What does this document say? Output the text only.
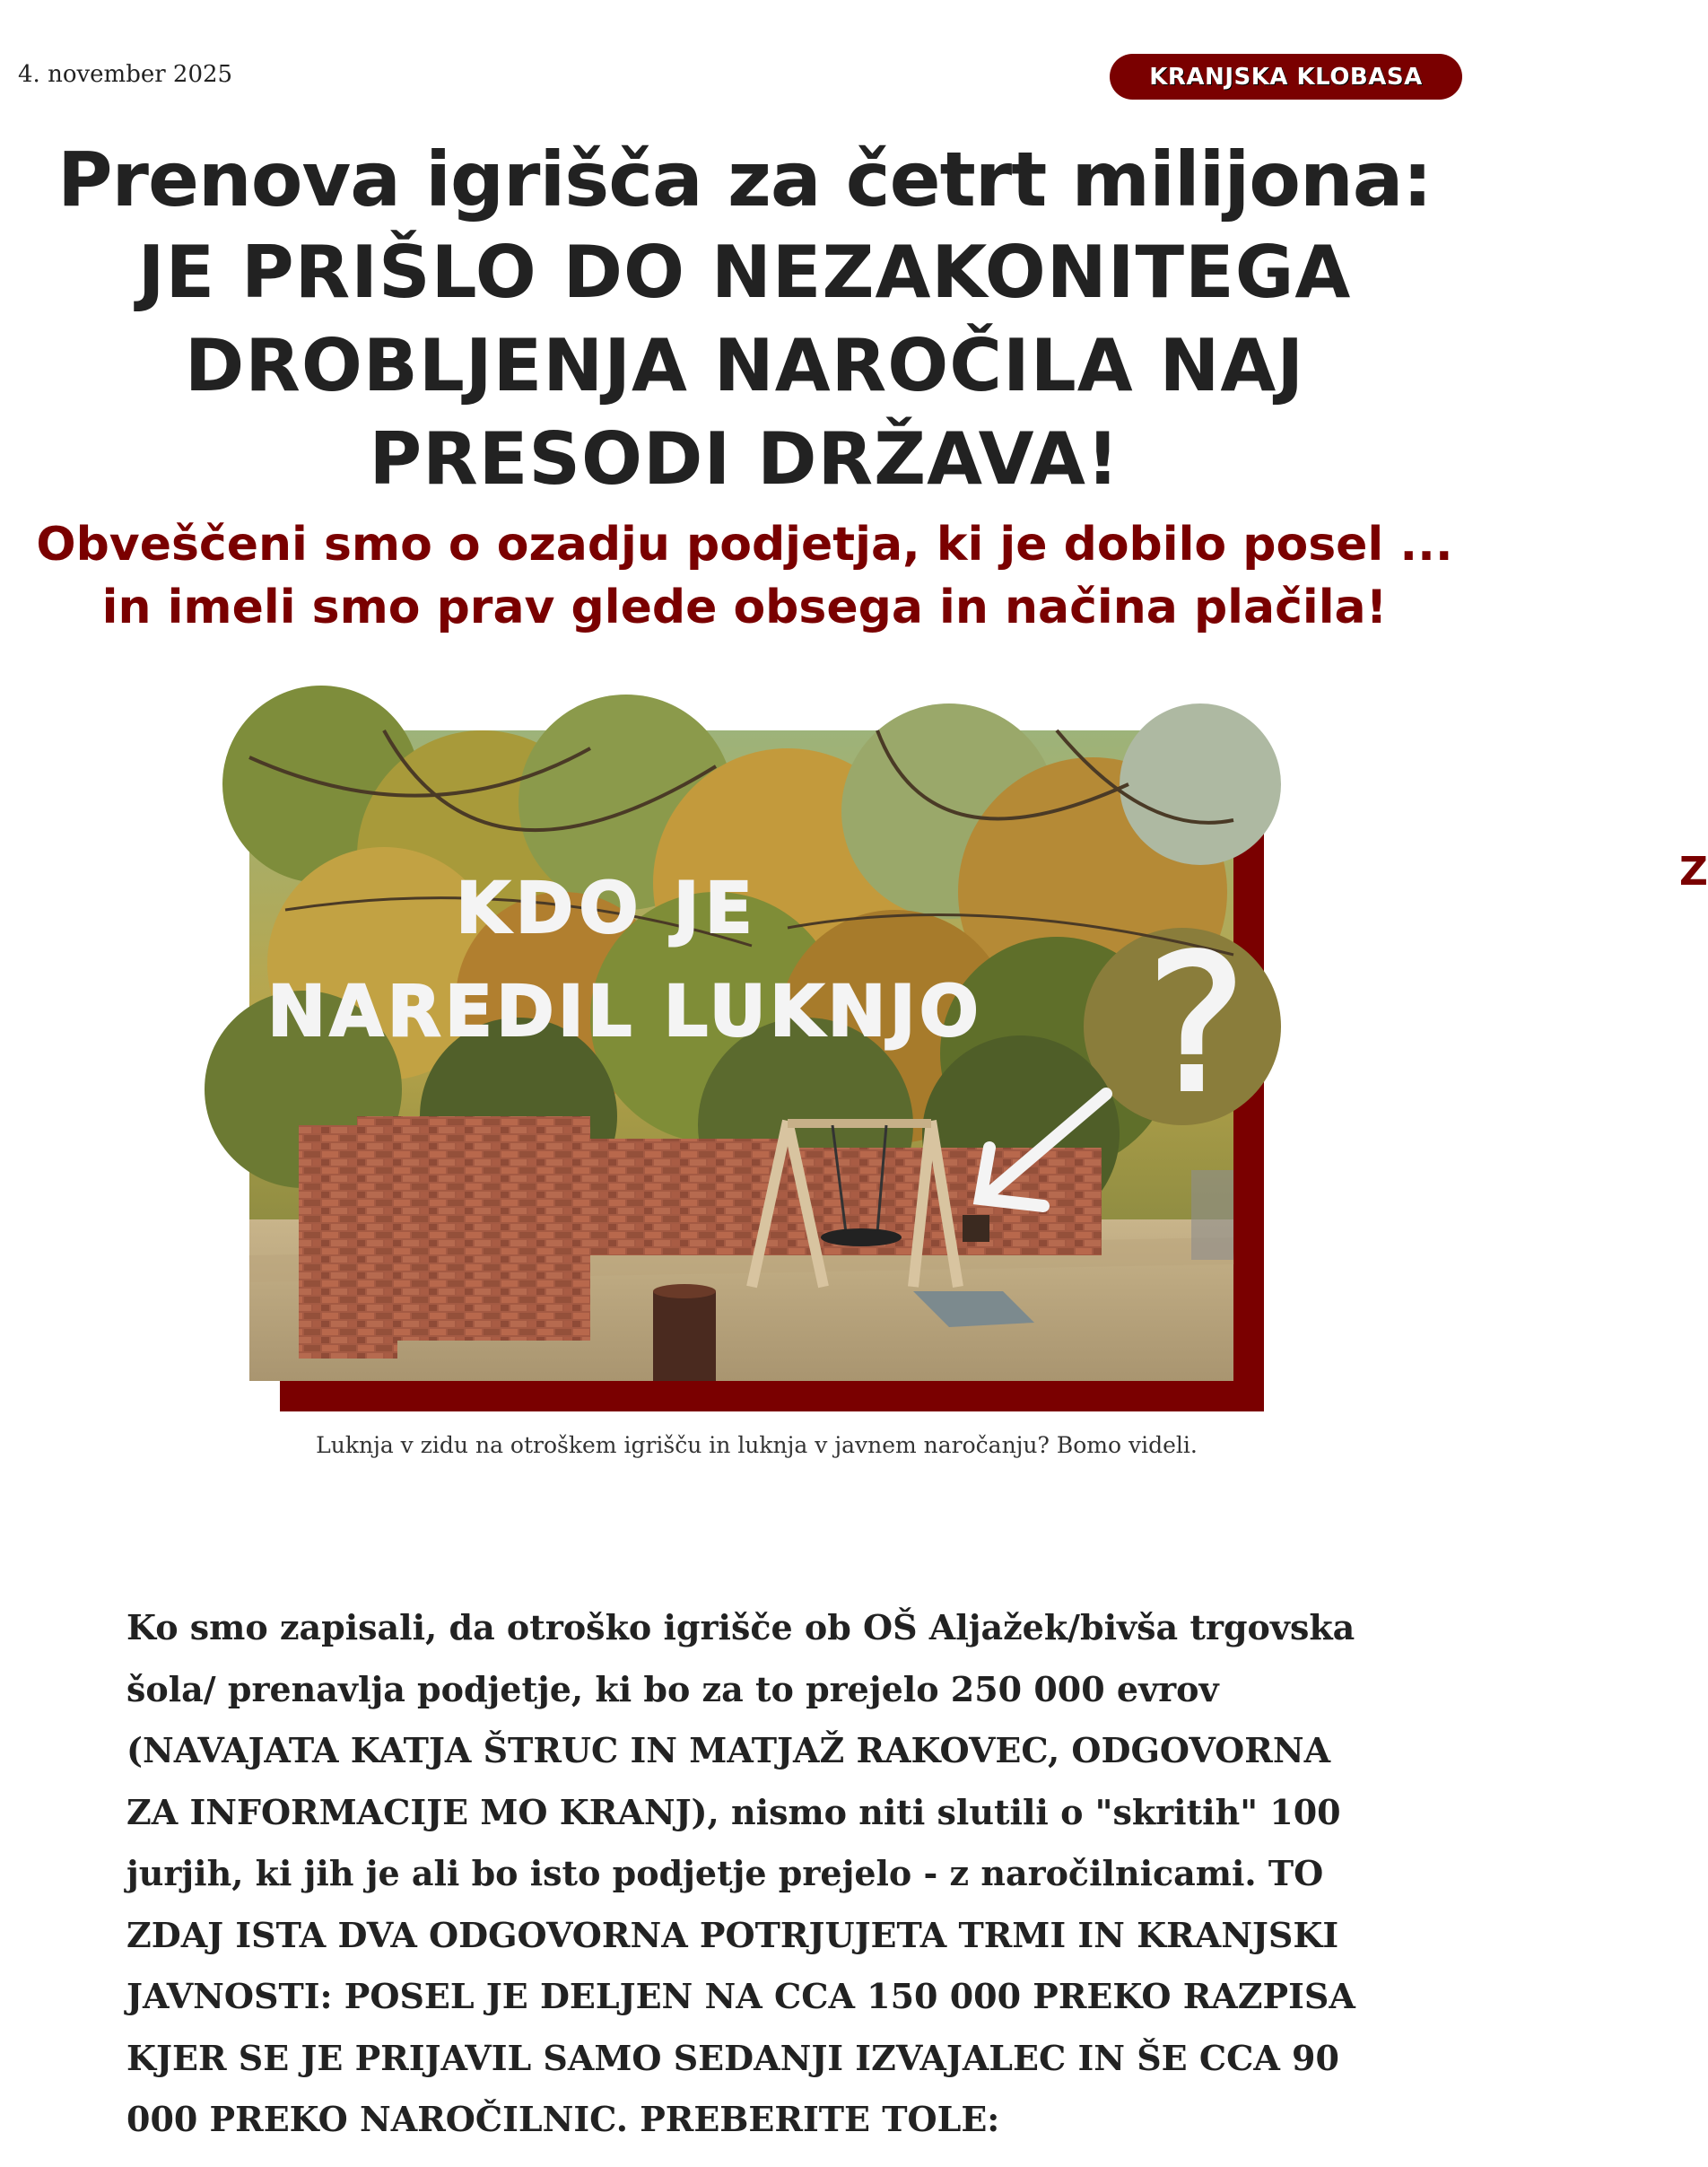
4. november 2025	KRANJSKA KLOBASA
Prenova igrišča za četrt milijona:
JE PRIŠLO DO NEZAKONITEGA DROBLJENJA NAROČILA NAJ PRESODI DRŽAVA!
Obveščeni smo o ozadju podjetja, ki je dobilo posel ... in imeli smo prav glede obsega in načina plačila!
KDO JE
NAREDIL LUKNJO ?
Luknja v zidu na otroškem igrišču in luknja v javnem naročanju? Bomo videli.

Ko smo zapisali, da otroško igrišče ob OŠ Aljažek/bivša trgovska šola/ prenavlja podjetje, ki bo za to prejelo 250 000 evrov (NAVAJATA KATJA ŠTRUC IN MATJAŽ RAKOVEC, ODGOVORNA ZA INFORMACIJE MO KRANJ), nismo niti slutili o "skritih" 100 jurjih, ki jih je ali bo isto podjetje prejelo - z naročilnicami. TO ZDAJ ISTA DVA ODGOVORNA POTRJUJETA TRMI IN KRANJSKI JAVNOSTI: POSEL JE DELJEN NA CCA 150 000 PREKO RAZPISA KJER SE JE PRIJAVIL SAMO SEDANJI IZVAJALEC IN ŠE CCA 90 000 PREKO NAROČILNIC. PREBERITE TOLE:

Z
